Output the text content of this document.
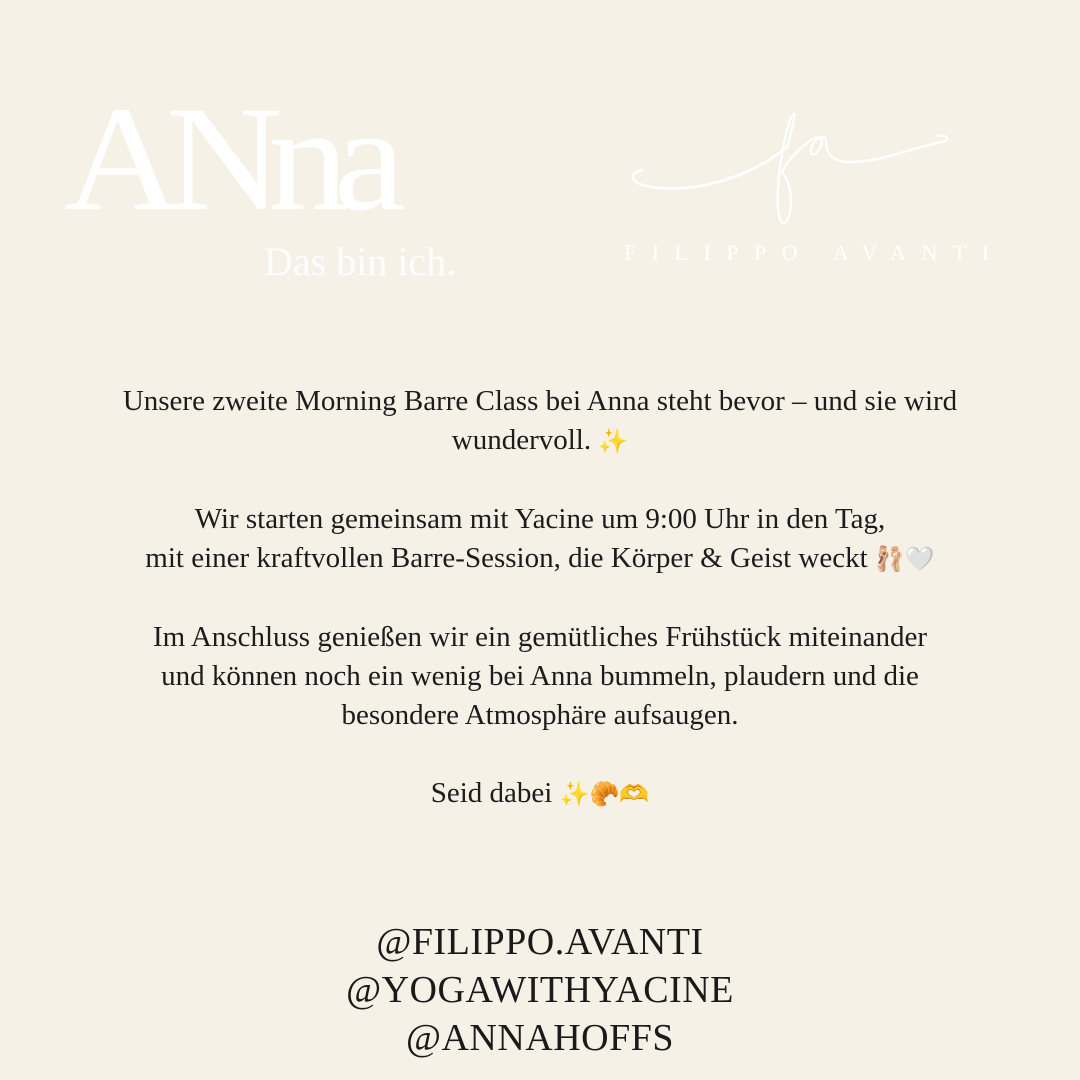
ANna
Das bin ich.	FILIPPO AVANTI

Unsere zweite Morning Barre Class bei Anna steht bevor – und sie wird
wundervoll. ✨

Wir starten gemeinsam mit Yacine um 9:00 Uhr in den Tag,
mit einer kraftvollen Barre-Session, die Körper & Geist weckt 🩰🤍

Im Anschluss genießen wir ein gemütliches Frühstück miteinander
und können noch ein wenig bei Anna bummeln, plaudern und die
besondere Atmosphäre aufsaugen.

Seid dabei ✨🥐🫶

@FILIPPO.AVANTI
@YOGAWITHYACINE
@ANNAHOFFS
